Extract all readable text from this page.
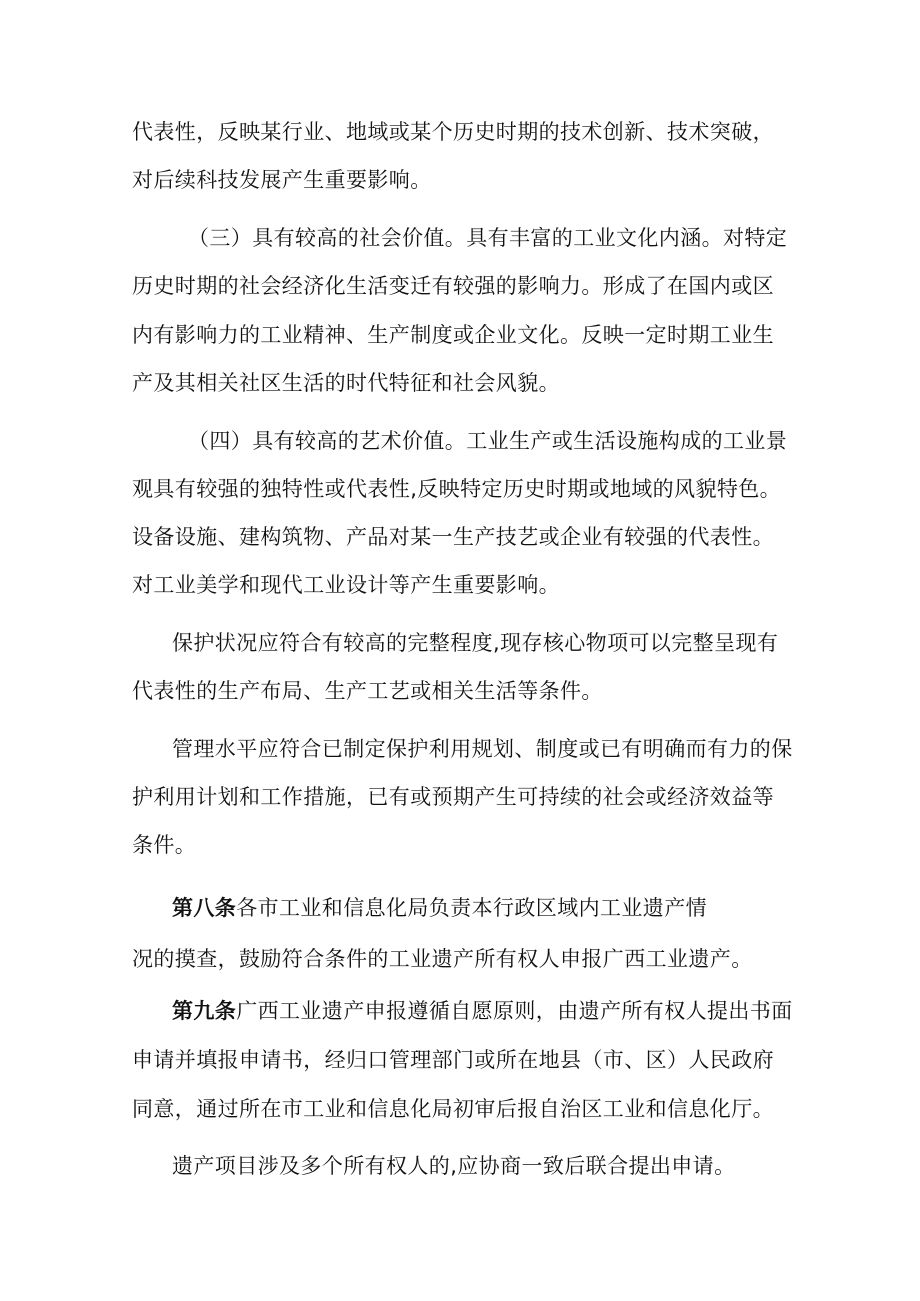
代表性，反映某行业、地域或某个历史时期的技术创新、技术突破，
对后续科技发展产生重要影响。
（三）具有较高的社会价值。具有丰富的工业文化内涵。对特定
历史时期的社会经济化生活变迁有较强的影响力。形成了在国内或区
内有影响力的工业精神、生产制度或企业文化。反映一定时期工业生
产及其相关社区生活的时代特征和社会风貌。
（四）具有较高的艺术价值。工业生产或生活设施构成的工业景
观具有较强的独特性或代表性,反映特定历史时期或地域的风貌特色。
设备设施、建构筑物、产品对某一生产技艺或企业有较强的代表性。
对工业美学和现代工业设计等产生重要影响。
保护状况应符合有较高的完整程度,现存核心物项可以完整呈现有
代表性的生产布局、生产工艺或相关生活等条件。
管理水平应符合已制定保护利用规划、制度或已有明确而有力的保
护利用计划和工作措施，已有或预期产生可持续的社会或经济效益等
条件。
第八条各市工业和信息化局负责本行政区域内工业遗产情
况的摸查，鼓励符合条件的工业遗产所有权人申报广西工业遗产。
第九条广西工业遗产申报遵循自愿原则，由遗产所有权人提出书面
申请并填报申请书，经归口管理部门或所在地县（市、区）人民政府
同意，通过所在市工业和信息化局初审后报自治区工业和信息化厅。
遗产项目涉及多个所有权人的,应协商一致后联合提出申请。
